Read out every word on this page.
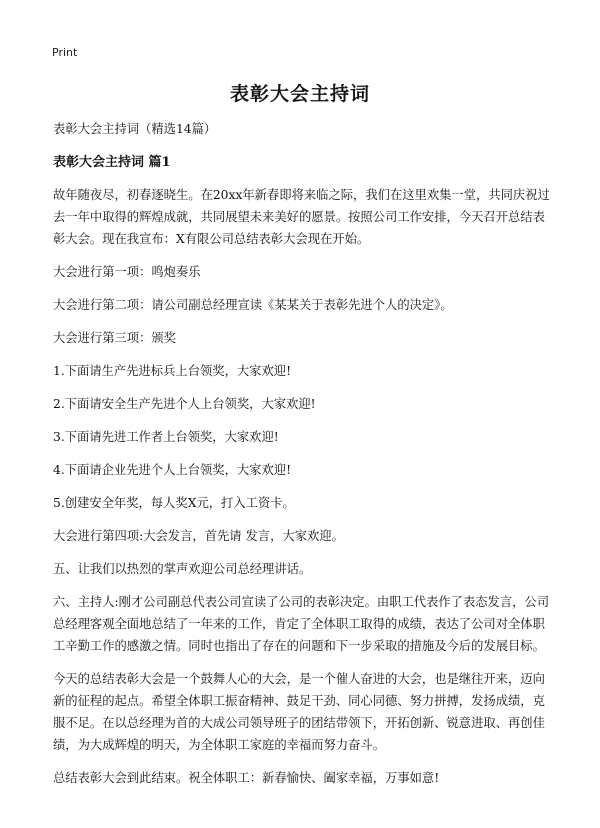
Print
表彰大会主持词

表彰大会主持词（精选14篇）

表彰大会主持词 篇1

故年随夜尽，初春逐晓生。在20xx年新春即将来临之际，我们在这里欢集一堂，共同庆祝过去一年中取得的辉煌成就，共同展望未来美好的愿景。按照公司工作安排，今天召开总结表彰大会。现在我宣布：X有限公司总结表彰大会现在开始。

大会进行第一项：鸣炮奏乐

大会进行第二项：请公司副总经理宣读《某某关于表彰先进个人的决定》。

大会进行第三项：颁奖

1.下面请生产先进标兵上台领奖，大家欢迎!

2.下面请安全生产先进个人上台领奖，大家欢迎!

3.下面请先进工作者上台领奖，大家欢迎!

4.下面请企业先进个人上台领奖，大家欢迎!

5.创建安全年奖，每人奖X元，打入工资卡。

大会进行第四项:大会发言，首先请 发言，大家欢迎。

五、让我们以热烈的掌声欢迎公司总经理讲话。

六、主持人:刚才公司副总代表公司宣读了公司的表彰决定。由职工代表作了表态发言，公司总经理客观全面地总结了一年来的工作，肯定了全体职工取得的成绩，表达了公司对全体职工辛勤工作的感激之情。同时也指出了存在的问题和下一步采取的措施及今后的发展目标。

今天的总结表彰大会是一个鼓舞人心的大会，是一个催人奋进的大会，也是继往开来，迈向新的征程的起点。希望全体职工振奋精神、鼓足干劲、同心同德、努力拼搏，发扬成绩，克服不足。在以总经理为首的大成公司领导班子的团结带领下，开拓创新、锐意进取、再创佳绩，为大成辉煌的明天，为全体职工家庭的幸福而努力奋斗。

总结表彰大会到此结束。祝全体职工：新春愉快、阖家幸福，万事如意!
